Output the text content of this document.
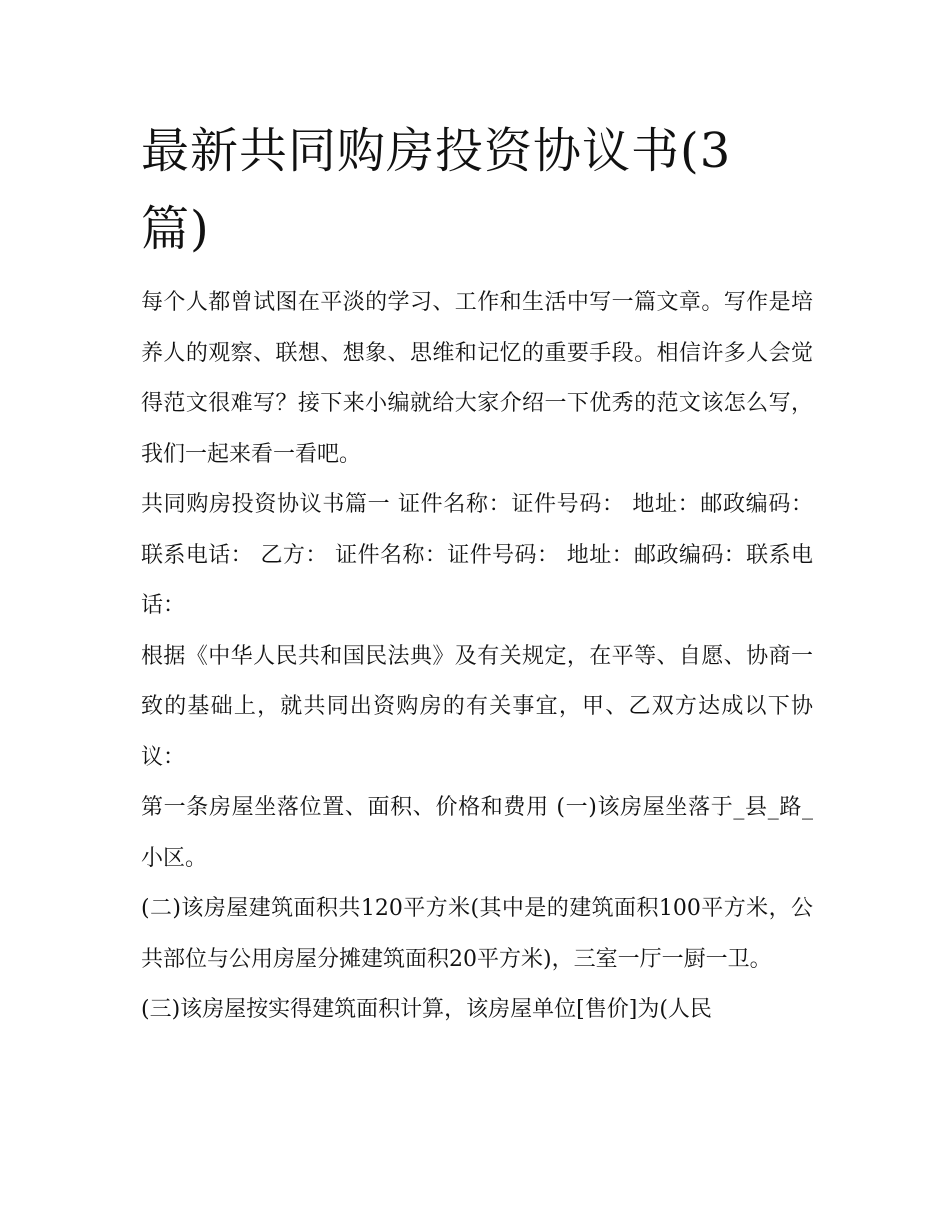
最新共同购房投资协议书(3篇)

每个人都曾试图在平淡的学习、工作和生活中写一篇文章。写作是培养人的观察、联想、想象、思维和记忆的重要手段。相信许多人会觉得范文很难写？接下来小编就给大家介绍一下优秀的范文该怎么写，我们一起来看一看吧。

共同购房投资协议书篇一 证件名称：证件号码： 地址：邮政编码：联系电话： 乙方： 证件名称：证件号码： 地址：邮政编码：联系电话：

根据《中华人民共和国民法典》及有关规定，在平等、自愿、协商一致的基础上，就共同出资购房的有关事宜，甲、乙双方达成以下协议：

第一条房屋坐落位置、面积、价格和费用 (一)该房屋坐落于_县_路_小区。

(二)该房屋建筑面积共120平方米(其中是的建筑面积100平方米，公共部位与公用房屋分摊建筑面积20平方米)，三室一厅一厨一卫。

(三)该房屋按实得建筑面积计算，该房屋单位[售价]为(人民
